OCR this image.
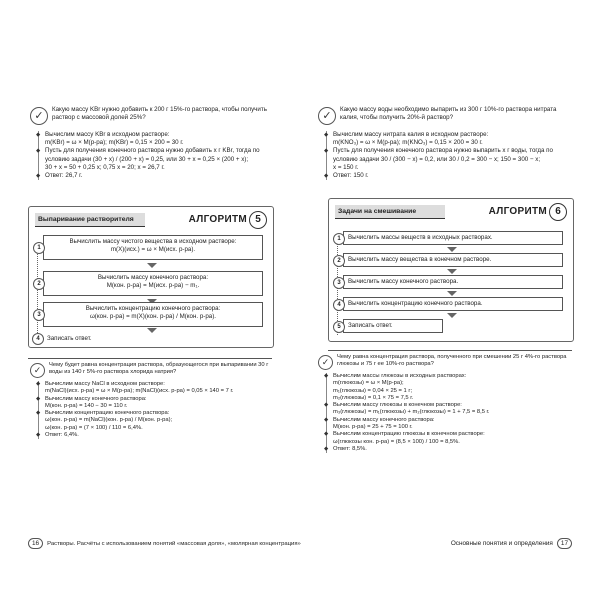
✓
Какую массу KBr нужно добавить к 200 г 15%-го раствора, чтобы получить раствор с массовой долей 25%?
◆ Вычислим массу KBr в исходном растворе:
m(KBr) = ω × M(р-ра); m(KBr) = 0,15 × 200 = 30 г.
◆ Пусть для получения конечного раствора нужно добавить x г KBr, тогда по условию задачи (30 + x) / (200 + x) = 0,25, или 30 + x = 0,25 × (200 + x);
30 + x = 50 + 0,25 x; 0,75 x = 20; x = 26,7 г.
◆ Ответ: 26,7 г.
Выпаривание растворителя	АЛГОРИТМ 5
1
Вычислить массу чистого вещества в исходном растворе:
m(X)(исх.) = ω × M(исх. р-ра).
2
Вычислить массу конечного раствора:
M(кон. р-ра) = M(исх. р-ра) − m₁.
3
Вычислить концентрацию конечного раствора:
ω(кон. р-ра) = m(X)(кон. р-ра) / M(кон. р-ра).
4	Записать ответ.
✓	Чему будет равна концентрация раствора, образующегося при выпаривании 30 г воды из 140 г 5%-го раствора хлорида натрия?
◆ Вычислим массу NaCl в исходном растворе:
m(NaCl)(исх. р-ра) = ω × M(р-ра); m(NaCl)(исх. р-ра) = 0,05 × 140 = 7 г.
◆ Вычислим массу конечного раствора:
M(кон. р-ра) = 140 − 30 = 110 г.
◆ Вычислим концентрацию конечного раствора:
ω(кон. р-ра) = m(NaCl)(кон. р-ра) / M(кон. р-ра);
ω(кон. р-ра) = (7 × 100) / 110 = 6,4%.
◆ Ответ: 6,4%.
✓
Какую массу воды необходимо выпарить из 300 г 10%-го раствора нитрата калия, чтобы получить 20%-й раствор?
◆ Вычислим массу нитрата калия в исходном растворе:
m(KNO₃) = ω × M(р-ра); m(KNO₃) = 0,15 × 200 = 30 г.
◆ Пусть для получения конечного раствора нужно выпарить x г воды, тогда по условию задачи 30 / (300 − x) = 0,2, или 30 / 0,2 = 300 − x; 150 = 300 − x;
x = 150 г.
◆ Ответ: 150 г.
Задачи на смешивание	АЛГОРИТМ 6
1	Вычислить массы веществ в исходных растворах.
2	Вычислить массу вещества в конечном растворе.
3	Вычислить массу конечного раствора.
4	Вычислить концентрацию конечного раствора.
5	Записать ответ.
✓	Чему равна концентрация раствора, полученного при смешении 25 г 4%-го раствора глюкозы и 75 г ее 10%-го раствора?
◆ Вычислим массы глюкозы в исходных растворах:
m(глюкозы) = ω × M(р-ра);
m₁(глюкозы) = 0,04 × 25 = 1 г;
m₂(глюкозы) = 0,1 × 75 = 7,5 г.
◆ Вычислим массу глюкозы в конечном растворе:
m₃(глюкозы) = m₁(глюкозы) + m₂(глюкозы) = 1 + 7,5 = 8,5 г.
◆ Вычислим массу конечного раствора:
M(кон. р-ра) = 25 + 75 = 100 г.
◆ Вычислим концентрацию глюкозы в конечном растворе:
ω(глюкозы кон. р-ра) = (8,5 × 100) / 100 = 8,5%.
◆ Ответ: 8,5%.
16 Растворы. Расчёты с использованием понятий «массовая доля», «молярная концентрация»	Основные понятия и определения 17
